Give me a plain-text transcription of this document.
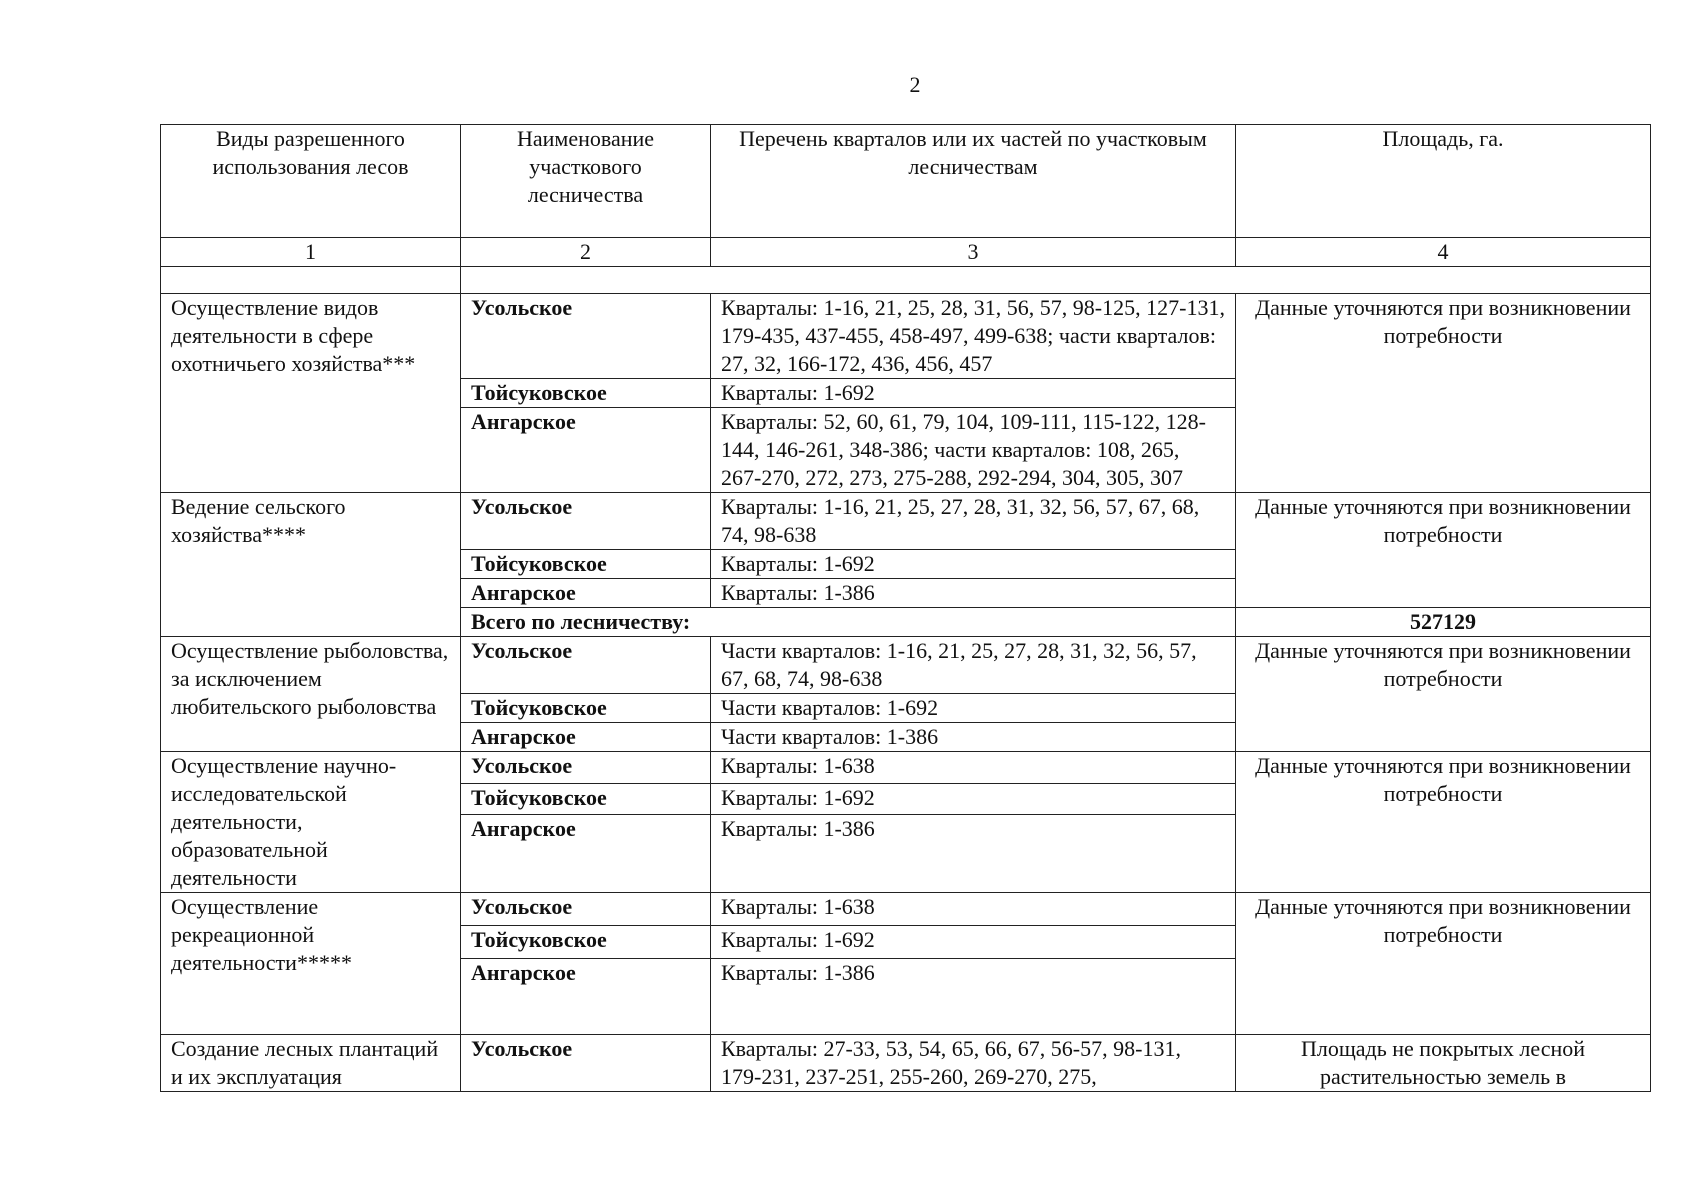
2
Виды разрешенного использования лесов	Наименование участкового лесничества	Перечень кварталов или их частей по участковым лесничествам	Площадь, га.
1	2	3	4

Осуществление видов деятельности в сфере охотничьего хозяйства***	Усольское	Кварталы: 1-16, 21, 25, 28, 31, 56, 57, 98-125, 127-131, 179-435, 437-455, 458-497, 499-638; части кварталов: 27, 32, 166-172, 436, 456, 457	Данные уточняются при возникновении потребности
	Тойсуковское	Кварталы: 1-692	
	Ангарское	Кварталы: 52, 60, 61, 79, 104, 109-111, 115-122, 128-144, 146-261, 348-386; части кварталов: 108, 265, 267-270, 272, 273, 275-288, 292-294, 304, 305, 307	
Ведение сельского хозяйства****	Усольское	Кварталы: 1-16, 21, 25, 27, 28, 31, 32, 56, 57, 67, 68, 74, 98-638	Данные уточняются при возникновении потребности
	Тойсуковское	Кварталы: 1-692	
	Ангарское	Кварталы: 1-386	
	Всего по лесничеству:		527129
Осуществление рыболовства, за исключением любительского рыболовства	Усольское	Части кварталов: 1-16, 21, 25, 27, 28, 31, 32, 56, 57, 67, 68, 74, 98-638	Данные уточняются при возникновении потребности
	Тойсуковское	Части кварталов: 1-692	
	Ангарское	Части кварталов: 1-386	
Осуществление научно-исследовательской деятельности, образовательной деятельности	Усольское	Кварталы: 1-638	Данные уточняются при возникновении потребности
	Тойсуковское	Кварталы: 1-692	
	Ангарское	Кварталы: 1-386	
Осуществление рекреационной деятельности*****	Усольское	Кварталы: 1-638	Данные уточняются при возникновении потребности
	Тойсуковское	Кварталы: 1-692	
	Ангарское	Кварталы: 1-386	
Создание лесных плантаций и их эксплуатация	Усольское	Кварталы: 27-33, 53, 54, 65, 66, 67, 56-57, 98-131, 179-231, 237-251, 255-260, 269-270, 275,	Площадь не покрытых лесной растительностью земель в
